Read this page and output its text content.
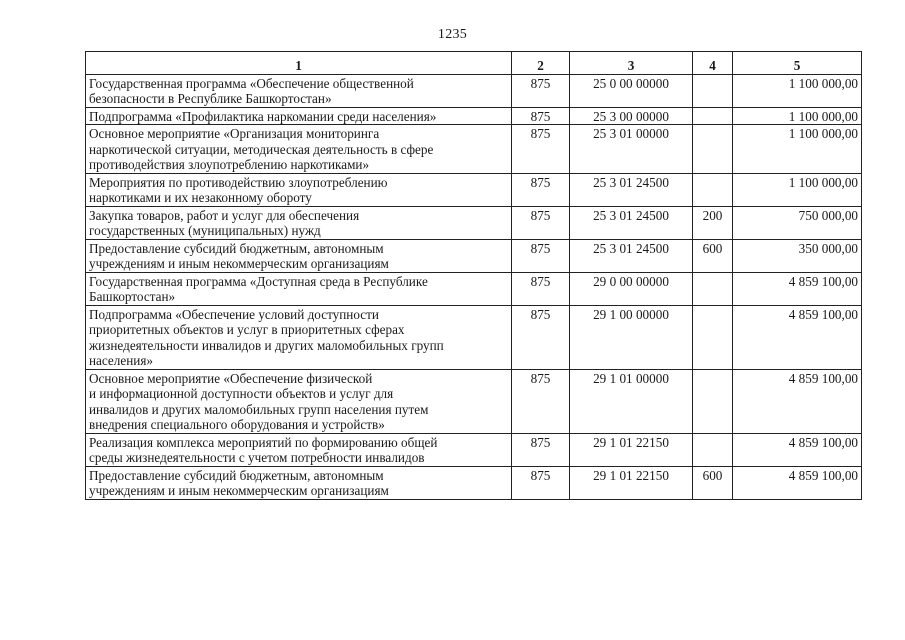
1235
1	2	3	4	5

Государственная программа «Обеспечение общественной
безопасности в Республике Башкортостан»	875	25 0 00 00000		1 100 000,00

Подпрограмма «Профилактика наркомании среди населения»	875	25 3 00 00000		1 100 000,00

Основное мероприятие «Организация мониторинга
наркотической ситуации, методическая деятельность в сфере
противодействия злоупотреблению наркотиками»	875	25 3 01 00000		1 100 000,00

Мероприятия по противодействию злоупотреблению
наркотиками и их незаконному обороту	875	25 3 01 24500		1 100 000,00

Закупка товаров, работ и услуг для обеспечения
государственных (муниципальных) нужд	875	25 3 01 24500	200	750 000,00

Предоставление субсидий бюджетным, автономным
учреждениям и иным некоммерческим организациям	875	25 3 01 24500	600	350 000,00

Государственная программа «Доступная среда в Республике
Башкортостан»	875	29 0 00 00000		4 859 100,00

Подпрограмма «Обеспечение условий доступности
приоритетных объектов и услуг в приоритетных сферах
жизнедеятельности инвалидов и других маломобильных групп
населения»	875	29 1 00 00000		4 859 100,00

Основное мероприятие «Обеспечение физической
и информационной доступности объектов и услуг для
инвалидов и других маломобильных групп населения путем
внедрения специального оборудования и устройств»	875	29 1 01 00000		4 859 100,00

Реализация комплекса мероприятий по формированию общей
среды жизнедеятельности с учетом потребности инвалидов	875	29 1 01 22150		4 859 100,00

Предоставление субсидий бюджетным, автономным
учреждениям и иным некоммерческим организациям	875	29 1 01 22150	600	4 859 100,00
